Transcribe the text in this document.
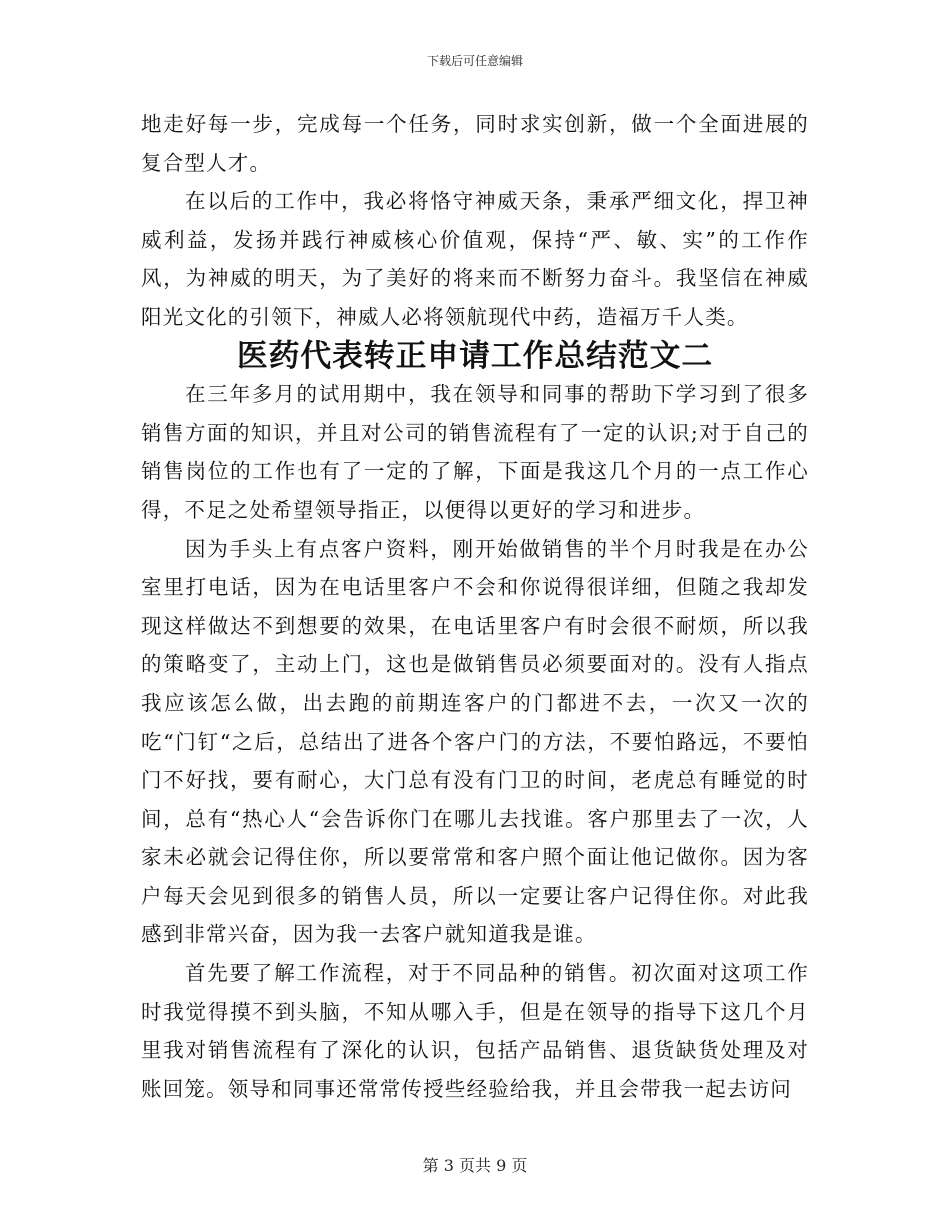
下载后可任意编辑

地走好每一步，完成每一个任务，同时求实创新，做一个全面进展的复合型人才。

在以后的工作中，我必将恪守神威天条，秉承严细文化，捍卫神威利益，发扬并践行神威核心价值观，保持“严、敏、实”的工作作风，为神威的明天，为了美好的将来而不断努力奋斗。我坚信在神威阳光文化的引领下，神威人必将领航现代中药，造福万千人类。

医药代表转正申请工作总结范文二

在三年多月的试用期中，我在领导和同事的帮助下学习到了很多销售方面的知识，并且对公司的销售流程有了一定的认识;对于自己的销售岗位的工作也有了一定的了解，下面是我这几个月的一点工作心得，不足之处希望领导指正，以便得以更好的学习和进步。

因为手头上有点客户资料，刚开始做销售的半个月时我是在办公室里打电话，因为在电话里客户不会和你说得很详细，但随之我却发现这样做达不到想要的效果，在电话里客户有时会很不耐烦，所以我的策略变了，主动上门，这也是做销售员必须要面对的。没有人指点我应该怎么做，出去跑的前期连客户的门都进不去，一次又一次的吃“门钉“之后，总结出了进各个客户门的方法，不要怕路远，不要怕门不好找，要有耐心，大门总有没有门卫的时间，老虎总有睡觉的时间，总有“热心人“会告诉你门在哪儿去找谁。客户那里去了一次，人家未必就会记得住你，所以要常常和客户照个面让他记做你。因为客户每天会见到很多的销售人员，所以一定要让客户记得住你。对此我感到非常兴奋，因为我一去客户就知道我是谁。

首先要了解工作流程，对于不同品种的销售。初次面对这项工作时我觉得摸不到头脑，不知从哪入手，但是在领导的指导下这几个月里我对销售流程有了深化的认识，包括产品销售、退货缺货处理及对账回笼。领导和同事还常常传授些经验给我，并且会带我一起去访问

第 3 页共 9 页
